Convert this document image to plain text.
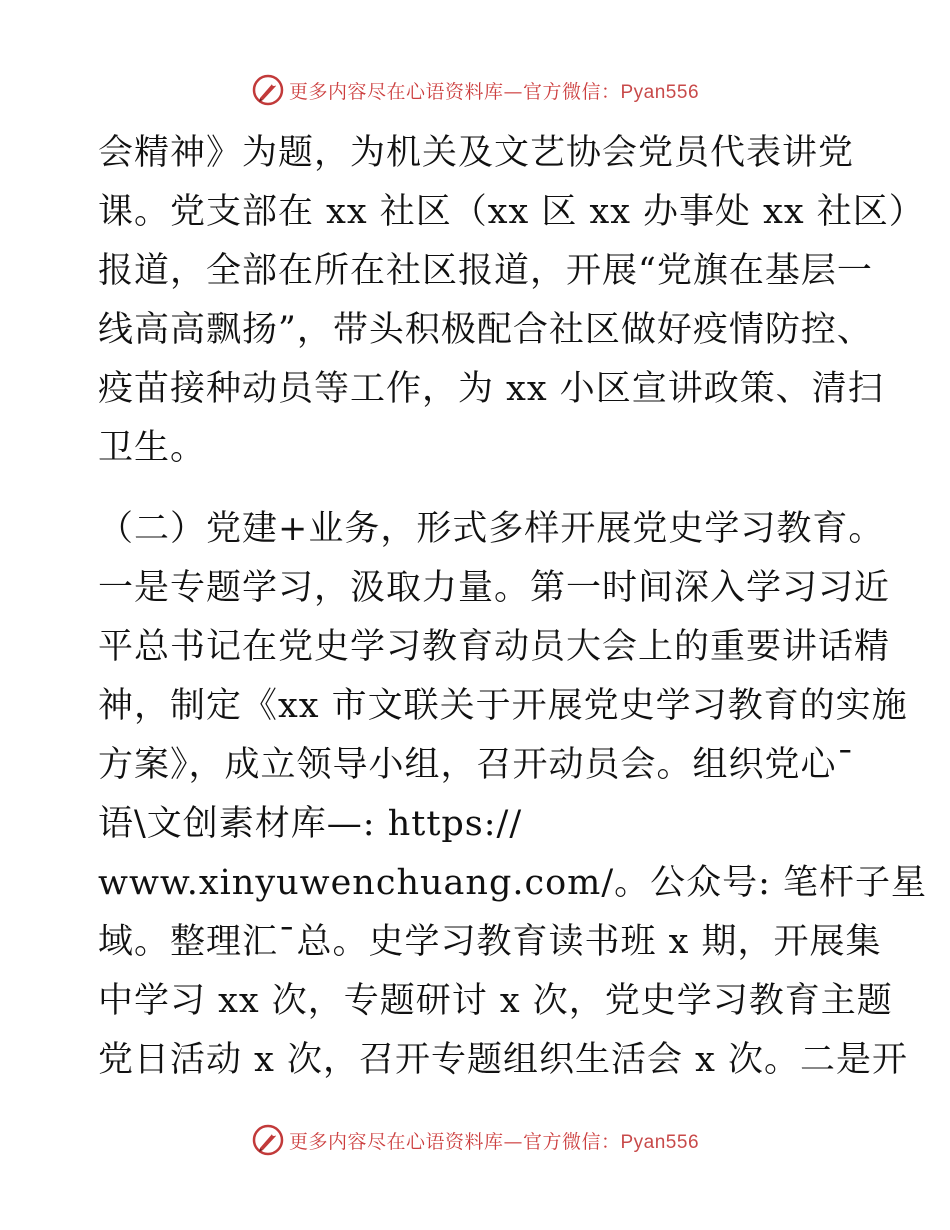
更多内容尽在心语资料库—官方微信：Pyan556
会精神》为题，为机关及文艺协会党员代表讲党
课。党支部在 xx 社区（xx 区 xx 办事处 xx 社区）
报道，全部在所在社区报道，开展“党旗在基层一
线高高飘扬”，带头积极配合社区做好疫情防控、
疫苗接种动员等工作，为 xx 小区宣讲政策、清扫
卫生。
（二）党建+业务，形式多样开展党史学习教育。
一是专题学习，汲取力量。第一时间深入学习习近
平总书记在党史学习教育动员大会上的重要讲话精
神，制定《xx 市文联关于开展党史学习教育的实施
方案》，成立领导小组，召开动员会。组织党心¯
语\文创素材库—: https://
www.xinyuwenchuang.com/。公众号: 笔杆子星
域。整理汇¯总。史学习教育读书班 x 期，开展集
中学习 xx 次，专题研讨 x 次，党史学习教育主题
党日活动 x 次，召开专题组织生活会 x 次。二是开
更多内容尽在心语资料库—官方微信：Pyan556
